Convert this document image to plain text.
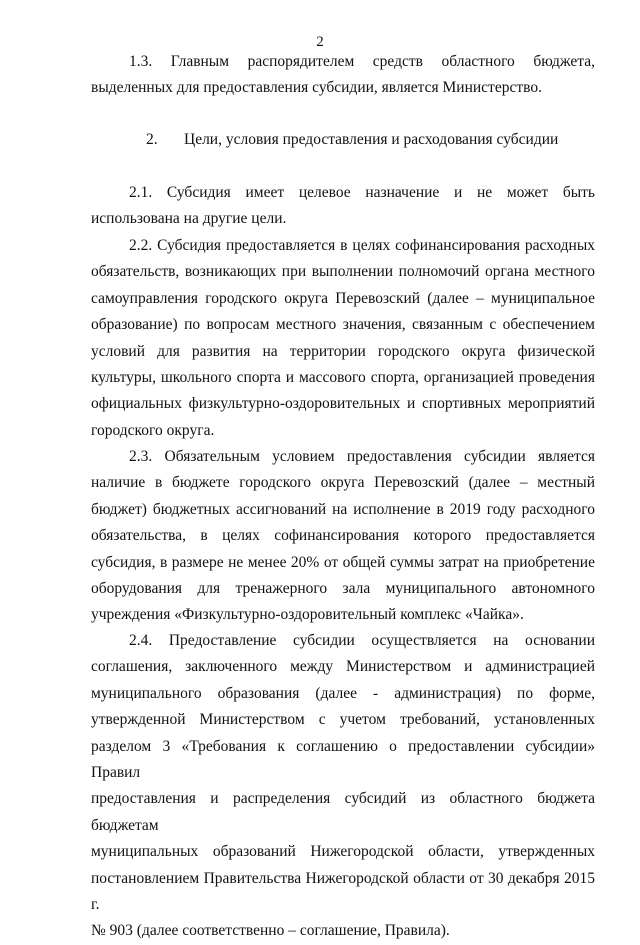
2
1.3. Главным распорядителем средств областного бюджета,
выделенных для предоставления субсидии, является Министерство.
2. Цели, условия предоставления и расходования субсидии
2.1. Субсидия имеет целевое назначение и не может быть
использована на другие цели.
2.2. Субсидия предоставляется в целях софинансирования расходных
обязательств, возникающих при выполнении полномочий органа местного
самоуправления городского округа Перевозский (далее – муниципальное
образование) по вопросам местного значения, связанным с обеспечением
условий для развития на территории городского округа физической
культуры, школьного спорта и массового спорта, организацией проведения
официальных физкультурно-оздоровительных и спортивных мероприятий
городского округа.
2.3. Обязательным условием предоставления субсидии является
наличие в бюджете городского округа Перевозский (далее – местный
бюджет) бюджетных ассигнований на исполнение в 2019 году расходного
обязательства, в целях софинансирования которого предоставляется
субсидия, в размере не менее 20% от общей суммы затрат на приобретение
оборудования для тренажерного зала муниципального автономного
учреждения «Физкультурно-оздоровительный комплекс «Чайка».
2.4. Предоставление субсидии осуществляется на основании
соглашения, заключенного между Министерством и администрацией
муниципального образования (далее - администрация) по форме,
утвержденной Министерством с учетом требований, установленных
разделом 3 «Требования к соглашению о предоставлении субсидии» Правил
предоставления и распределения субсидий из областного бюджета бюджетам
муниципальных образований Нижегородской области, утвержденных
постановлением Правительства Нижегородской области от 30 декабря 2015 г.
№ 903 (далее соответственно – соглашение, Правила).
